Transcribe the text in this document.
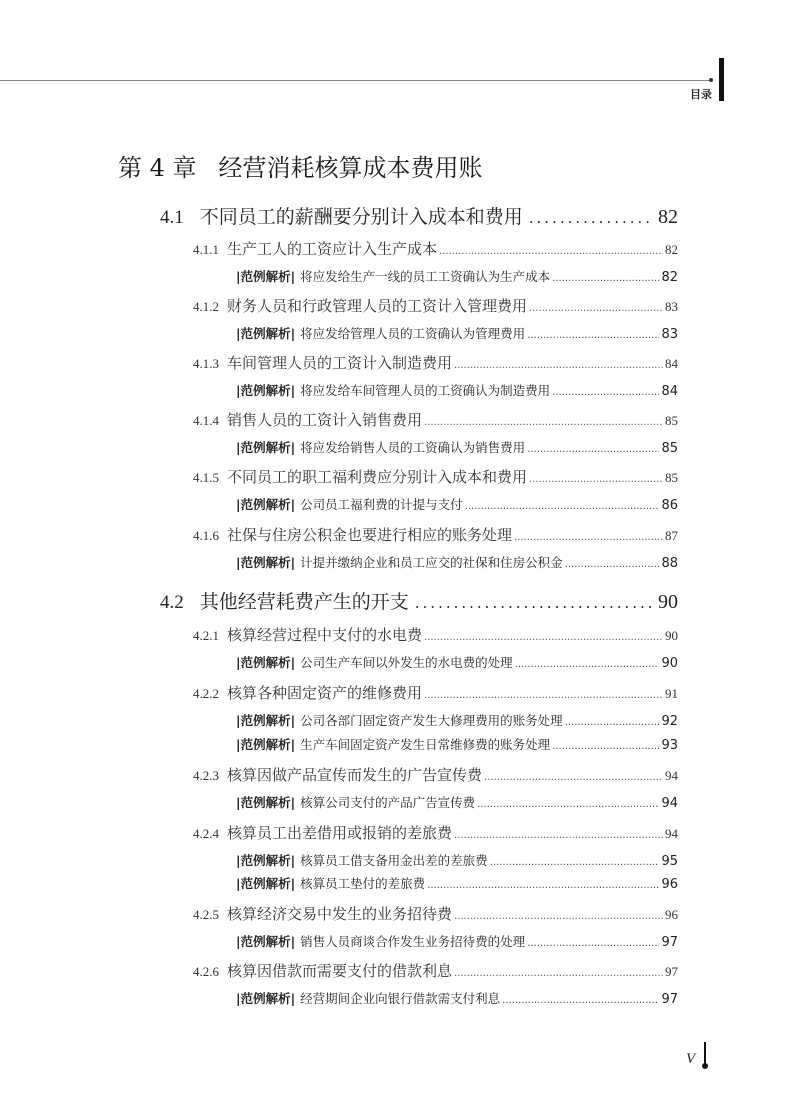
目录
第 4 章 经营消耗核算成本费用账
4.1 不同员工的薪酬要分别计入成本和费用 .....	82
4.1.1 生产工人的工资应计入生产成本 .....	82
|范例解析| 将应发给生产一线的员工工资确认为生产成本 .....	82
4.1.2 财务人员和行政管理人员的工资计入管理费用 .....	83
|范例解析| 将应发给管理人员的工资确认为管理费用 .....	83
4.1.3 车间管理人员的工资计入制造费用 .....	84
|范例解析| 将应发给车间管理人员的工资确认为制造费用 .....	84
4.1.4 销售人员的工资计入销售费用 .....	85
|范例解析| 将应发给销售人员的工资确认为销售费用 .....	85
4.1.5 不同员工的职工福利费应分别计入成本和费用 .....	85
|范例解析| 公司员工福利费的计提与支付 .....	86
4.1.6 社保与住房公积金也要进行相应的账务处理 .....	87
|范例解析| 计提并缴纳企业和员工应交的社保和住房公积金 .....	88
4.2 其他经营耗费产生的开支 .....	90
4.2.1 核算经营过程中支付的水电费 .....	90
|范例解析| 公司生产车间以外发生的水电费的处理 .....	90
4.2.2 核算各种固定资产的维修费用 .....	91
|范例解析| 公司各部门固定资产发生大修理费用的账务处理 .....	92
|范例解析| 生产车间固定资产发生日常维修费的账务处理 .....	93
4.2.3 核算因做产品宣传而发生的广告宣传费 .....	94
|范例解析| 核算公司支付的产品广告宣传费 .....	94
4.2.4 核算员工出差借用或报销的差旅费 .....	94
|范例解析| 核算员工借支备用金出差的差旅费 .....	95
|范例解析| 核算员工垫付的差旅费 .....	96
4.2.5 核算经济交易中发生的业务招待费 .....	96
|范例解析| 销售人员商谈合作发生业务招待费的处理 .....	97
4.2.6 核算因借款而需要支付的借款利息 .....	97
|范例解析| 经营期间企业向银行借款需支付利息 .....	97
V
